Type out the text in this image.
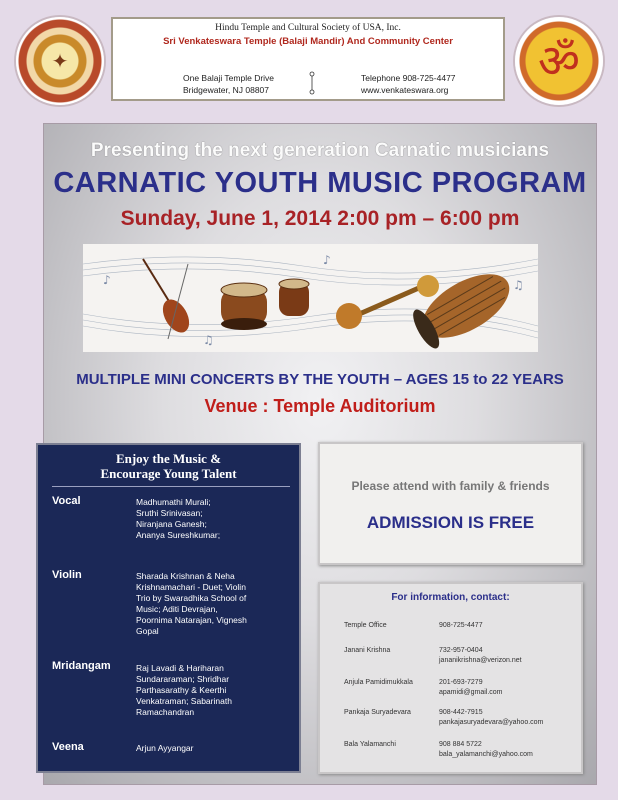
✦
Hindu Temple and Cultural Society of USA, Inc.
Sri Venkateswara Temple (Balaji Mandir) And Community Center
One Balaji Temple Drive
Bridgewater, NJ 08807
Telephone 908-725-4477
www.venkateswara.org
ॐ
Presenting the next generation Carnatic musicians
CARNATIC YOUTH MUSIC PROGRAM
Sunday, June 1, 2014 2:00 pm – 6:00 pm
♪	♫
♪
♫
MULTIPLE MINI CONCERTS BY THE YOUTH – AGES 15 to 22 YEARS
Venue : Temple Auditorium
Enjoy the Music &
Encourage Young Talent
Vocal	Madhumathi Murali;
Sruthi Srinivasan;
Niranjana Ganesh;
Ananya Sureshkumar;
Violin	Sharada Krishnan & Neha
Krishnamachari - Duet; Violin
Trio by Swaradhika School of
Music; Aditi Devrajan,
Poornima Natarajan, Vignesh
Gopal
Mridangam	Raj Lavadi & Hariharan
Sundararaman; Shridhar
Parthasarathy & Keerthi
Venkatraman; Sabarinath
Ramachandran
Veena	Arjun Ayyangar
Please attend with family & friends
ADMISSION IS FREE
For information, contact:
Temple Office	908-725-4477
Janani Krishna	732-957-0404
jananikrishna@verizon.net
Anjula Pamidimukkala	201-693-7279
apamidi@gmail.com
Pankaja Suryadevara	908-442-7915
pankajasuryadevara@yahoo.com
Bala Yalamanchi	908 884 5722
bala_yalamanchi@yahoo.com
